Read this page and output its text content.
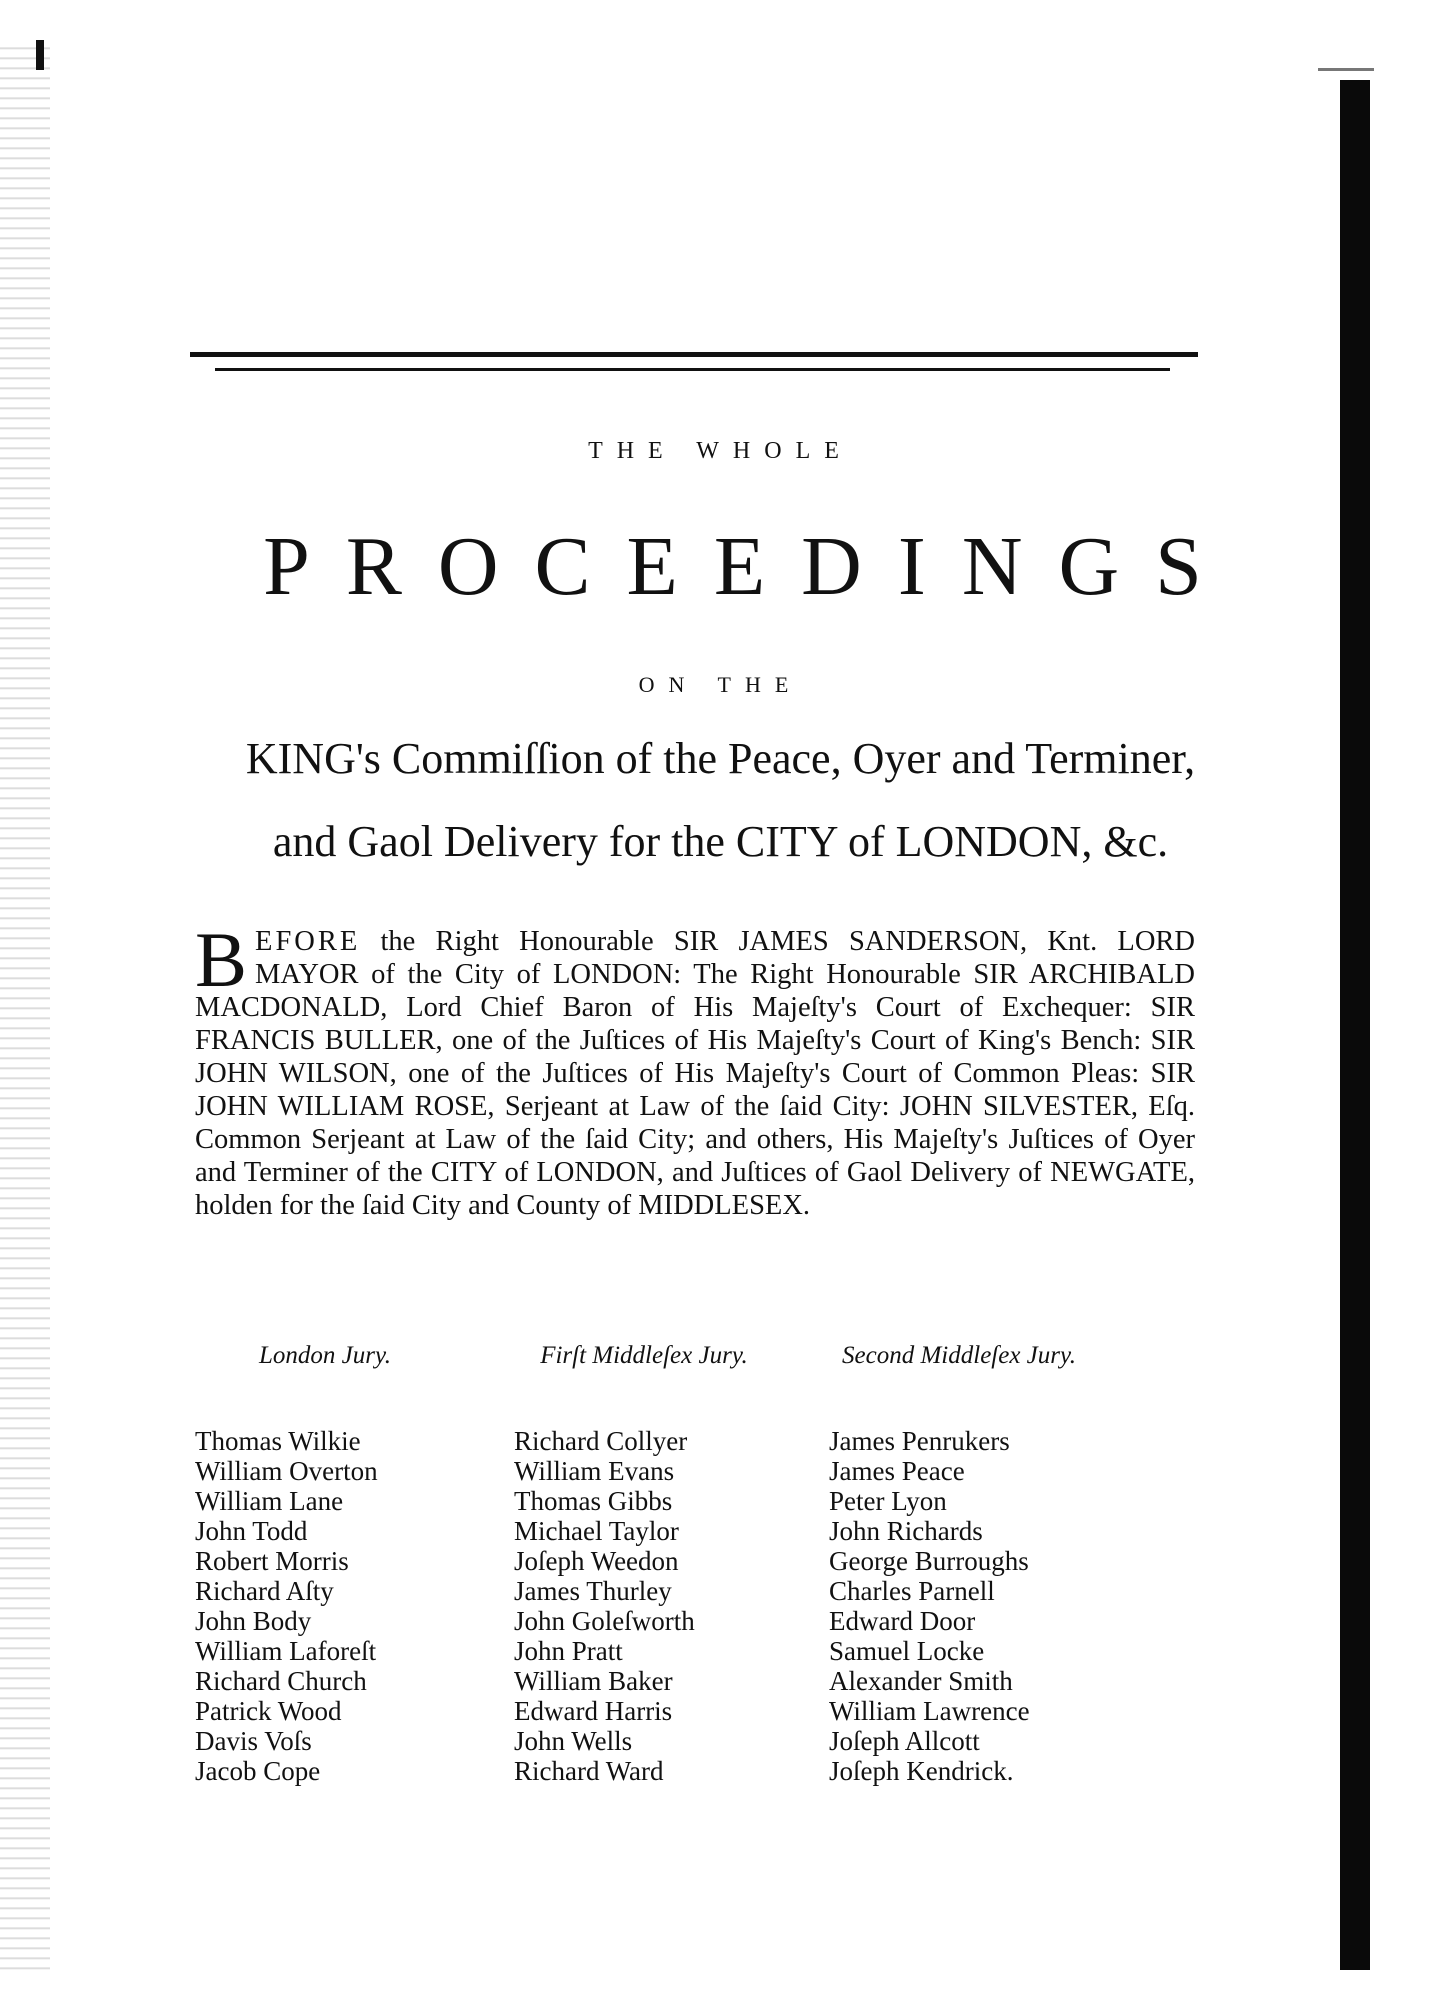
THE WHOLE
PROCEEDINGS
ON THE
KING's Commiſſion of the Peace, Oyer and Terminer,
and Gaol Delivery for the CITY of LONDON, &c.
BEFORE the Right Honourable SIR JAMES SANDERSON, Knt. LORD MAYOR of the City of LONDON: The Right Honourable SIR ARCHIBALD MACDONALD, Lord Chief Baron of His Majeſty's Court of Exchequer: SIR FRANCIS BULLER, one of the Juſtices of His Majeſty's Court of King's Bench: SIR JOHN WILSON, one of the Juſtices of His Majeſty's Court of Common Pleas: SIR JOHN WILLIAM ROSE, Serjeant at Law of the ſaid City: JOHN SILVESTER, Eſq. Common Serjeant at Law of the ſaid City; and others, His Majeſty's Juſtices of Oyer and Terminer of the CITY of LONDON, and Juſtices of Gaol Delivery of NEWGATE, holden for the ſaid City and County of MIDDLESEX.
London Jury.
Thomas Wilkie
William Overton
William Lane
John Todd
Robert Morris
Richard Aſty
John Body
William Laforeſt
Richard Church
Patrick Wood
Davis Voſs
Jacob Cope
Firſt Middleſex Jury.
Richard Collyer
William Evans
Thomas Gibbs
Michael Taylor
Joſeph Weedon
James Thurley
John Goleſworth
John Pratt
William Baker
Edward Harris
John Wells
Richard Ward
Second Middleſex Jury.
James Penrukers
James Peace
Peter Lyon
John Richards
George Burroughs
Charles Parnell
Edward Door
Samuel Locke
Alexander Smith
William Lawrence
Joſeph Allcott
Joſeph Kendrick.
